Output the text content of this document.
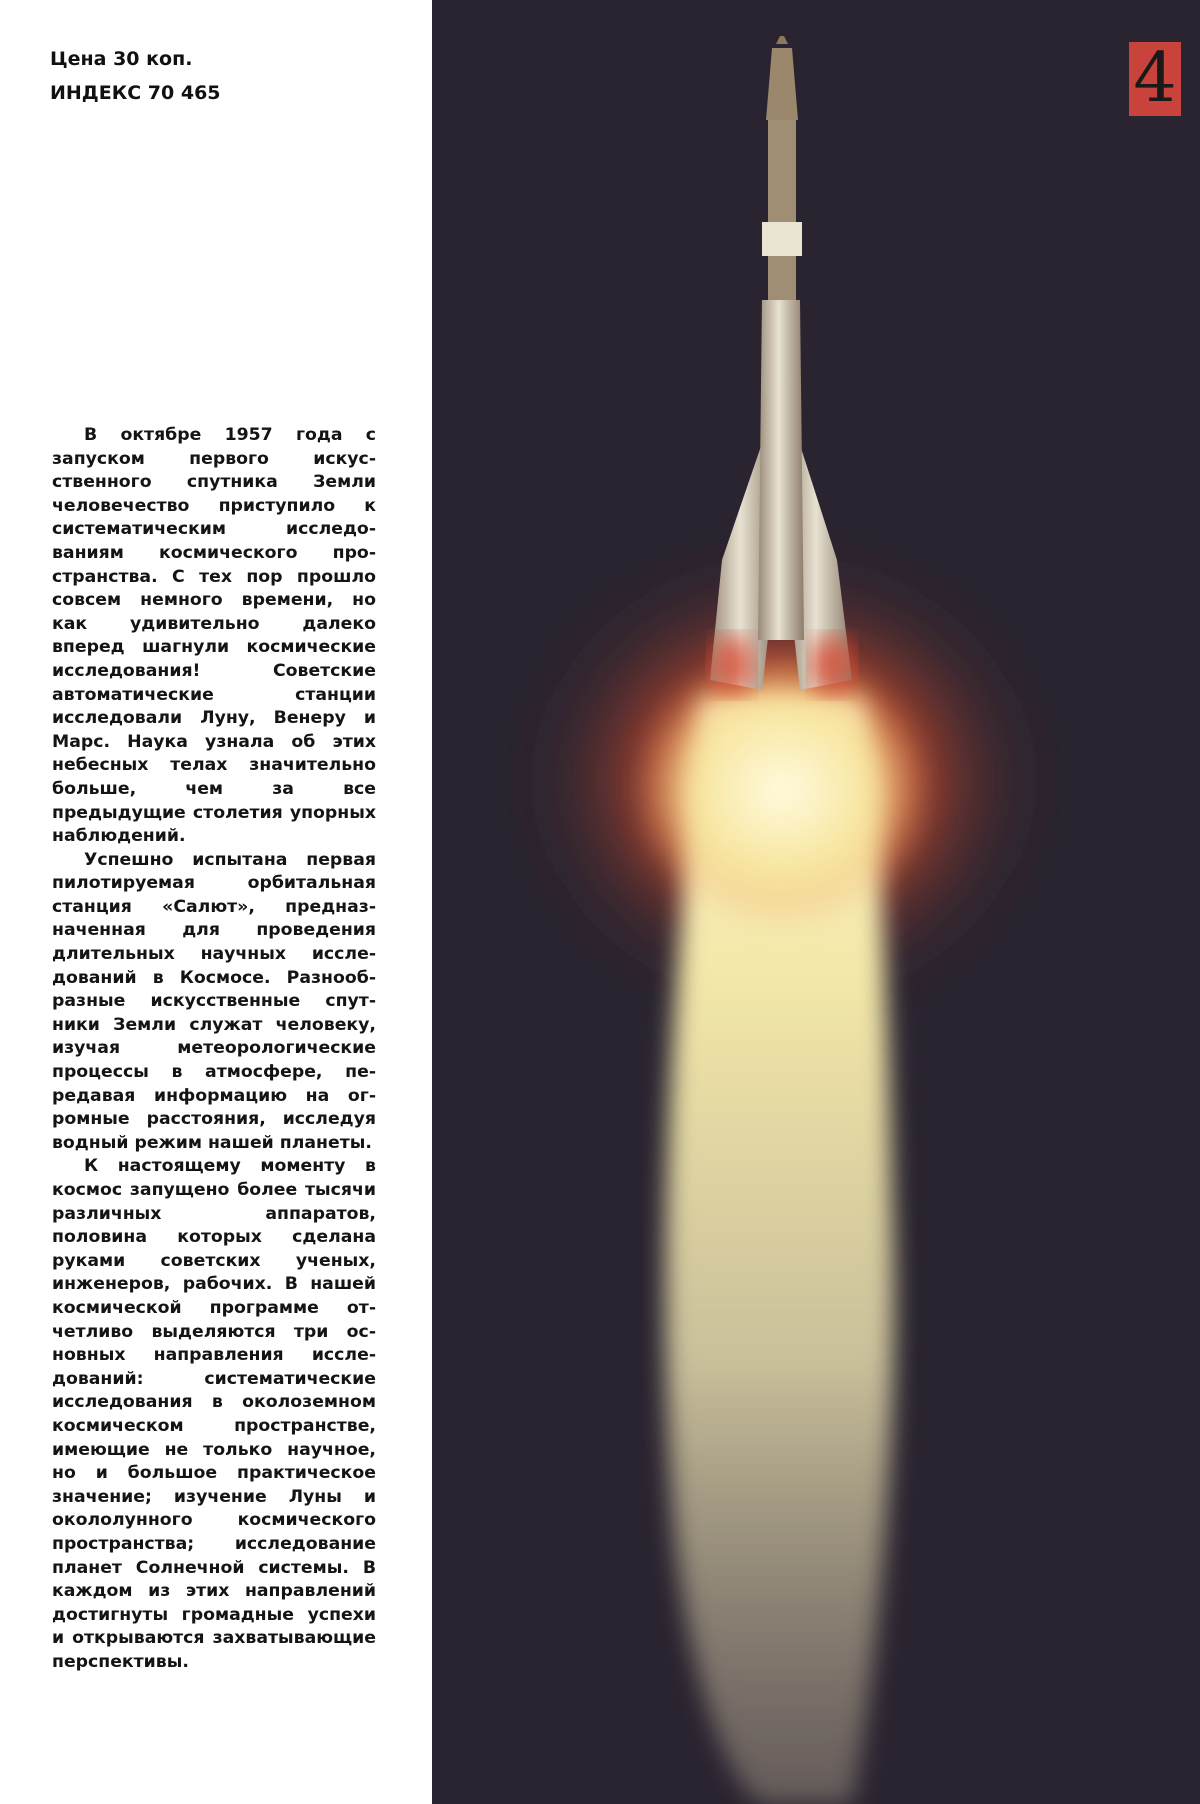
Цена 30 коп.
ИНДЕКС 70 465

В октябре 1957 года с запуском первого искусственного спутника Земли человечество приступило к систематическим исследованиям космического пространства. С тех пор прошло совсем немного времени, но как удивительно далеко вперед шагнули космические исследования! Советские автоматические станции исследовали Луну, Венеру и Марс. Наука узнала об этих небесных телах значительно больше, чем за все предыдущие столетия упорных наблюдений.

Успешно испытана первая пилотируемая орбитальная станция «Салют», предназначенная для проведения длительных научных исследований в Космосе. Разнообразные искусственные спутники Земли служат человеку, изучая метеорологические процессы в атмосфере, передавая информацию на огромные расстояния, исследуя водный режим нашей планеты.

К настоящему моменту в космос запущено более тысячи различных аппаратов, половина которых сделана руками советских ученых, инженеров, рабочих. В нашей космической программе отчетливо выделяются три основных направления исследований: систематические исследования в околоземном космическом пространстве, имеющие не только научное, но и большое практическое значение; изучение Луны и окололунного космического пространства; исследование планет Солнечной системы. В каждом из этих направлений достигнуты громадные успехи и открываются захватывающие перспективы.

4
